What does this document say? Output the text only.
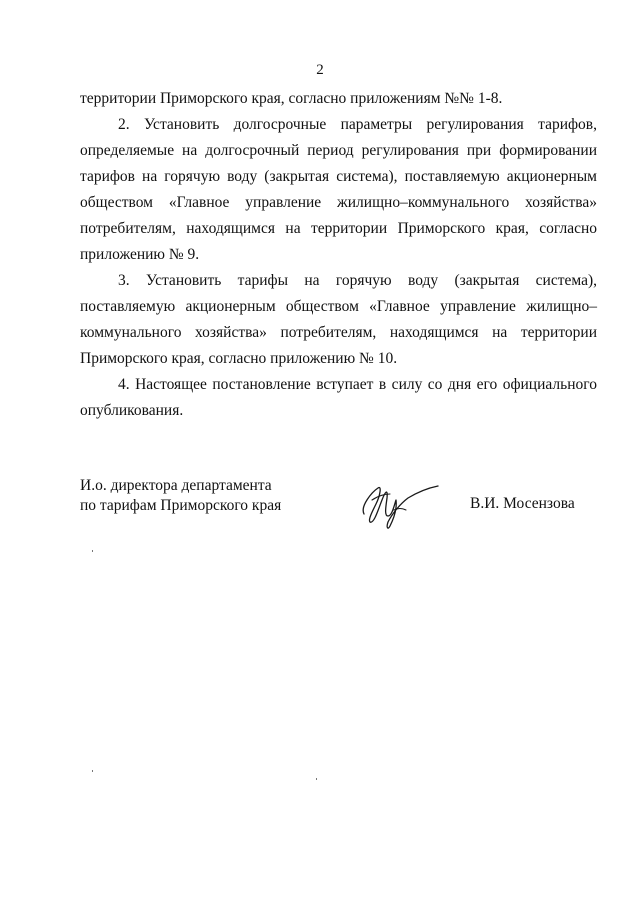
2

территории Приморского края, согласно приложениям №№ 1-8.

2. Установить долгосрочные параметры регулирования тарифов, определяемые на долгосрочный период регулирования при формировании тарифов на горячую воду (закрытая система), поставляемую акционерным обществом «Главное управление жилищно–коммунального хозяйства» потребителям, находящимся на территории Приморского края, согласно приложению № 9.

3. Установить тарифы на горячую воду (закрытая система), поставляемую акционерным обществом «Главное управление жилищно–коммунального хозяйства» потребителям, находящимся на территории Приморского края, согласно приложению № 10.

4. Настоящее постановление вступает в силу со дня его официального опубликования.

И.о. директора департамента
по тарифам Приморского края	В.И. Мосензова
